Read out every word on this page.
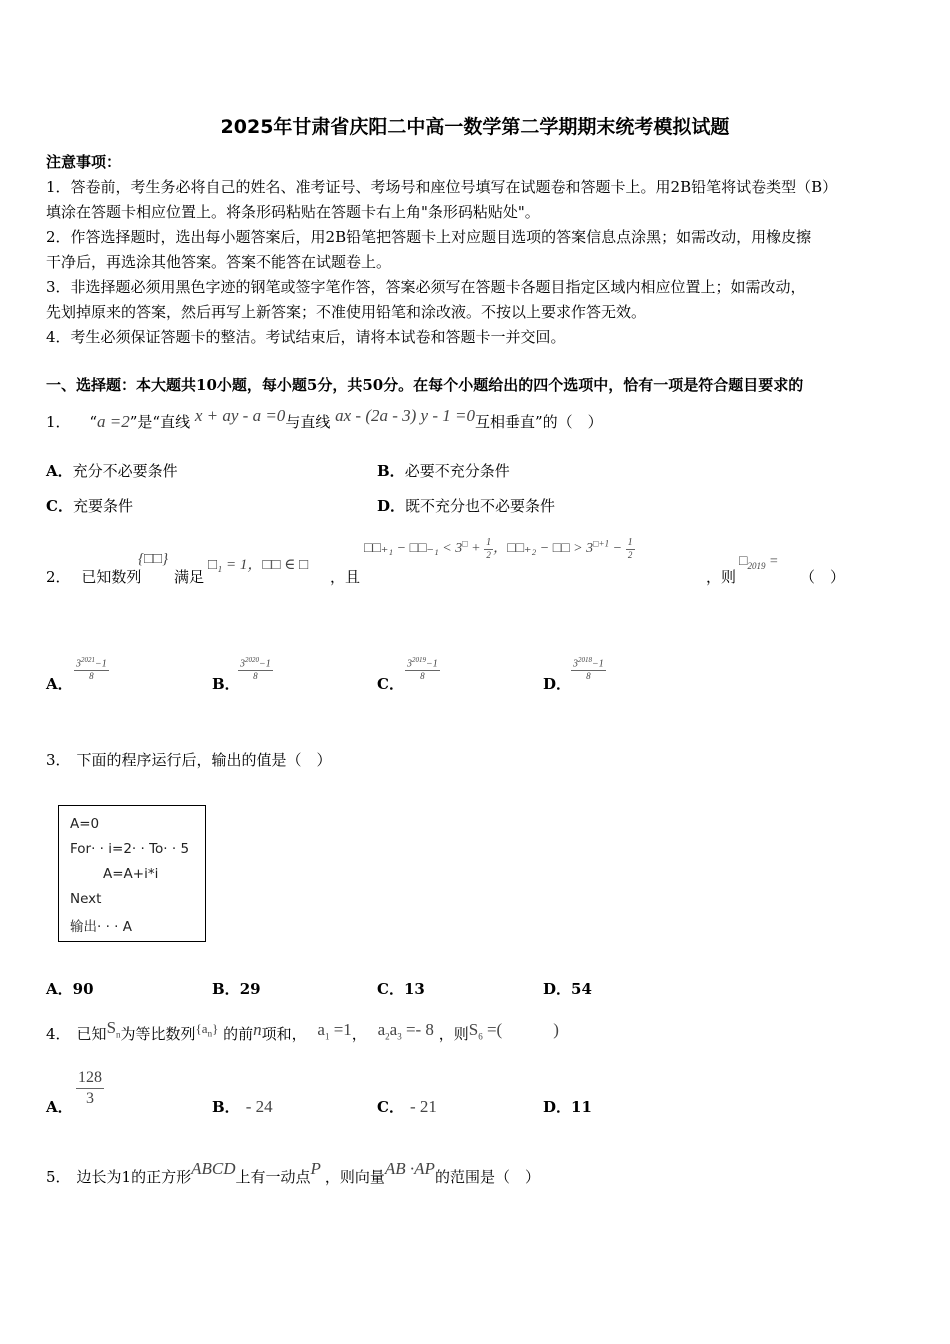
2025年甘肃省庆阳二中高一数学第二学期期末统考模拟试题
注意事项：
1．答卷前，考生务必将自己的姓名、准考证号、考场号和座位号填写在试题卷和答题卡上。用2B铅笔将试卷类型（B）
填涂在答题卡相应位置上。将条形码粘贴在答题卡右上角"条形码粘贴处"。
2．作答选择题时，选出每小题答案后，用2B铅笔把答题卡上对应题目选项的答案信息点涂黑；如需改动，用橡皮擦
干净后，再选涂其他答案。答案不能答在试题卷上。
3．非选择题必须用黑色字迹的钢笔或签字笔作答，答案必须写在答题卡各题目指定区域内相应位置上；如需改动，
先划掉原来的答案，然后再写上新答案；不准使用铅笔和涂改液。不按以上要求作答无效。
4．考生必须保证答题卡的整洁。考试结束后，请将本试卷和答题卡一并交回。
一、选择题：本大题共10小题，每小题5分，共50分。在每个小题给出的四个选项中，恰有一项是符合题目要求的
1． “a =2”是“直线 x + ay - a =0与直线 ax - (2a - 3) y - 1 =0互相垂直”的（　）
A．充分不必要条件	B．必要不充分条件
C．充要条件	D．既不充分也不必要条件
2． 已知数列
{□□}
满足
□₁ = 1，□□ ∈ □
，且
□□₊₁ − □□₋₁ < $3^□ + \frac{1}{2}$ ，□□₊₂ − □□ > $3^{□+1} - \frac{1}{2}$
，则
$□_{2019}$ =
（　）
A．
$\frac{3^{2021}-1}{8}$
B．
$\frac{3^{2020}-1}{8}$
C．
$\frac{3^{2019}-1}{8}$
D．
$\frac{3^{2018}-1}{8}$
3． 下面的程序运行后，输出的值是（　）
A=0
For· · i=2· · To· · 5
A=A+i*i
Next
输出· · · A
A．90	B．29	C．13	D．54
4． 已知$S_n$为等比数列$\{a_n\}$ 的前n项和， $a_1 =1$， $a_2a_3 =- 8$ ，则$S_6$ =(　　　)
A． $\frac{128}{3}$	B． - 24	C． - 21	D．11
5． 边长为1的正方形ABCD上有一动点P ，则向量AB ·AP的范围是（　）
